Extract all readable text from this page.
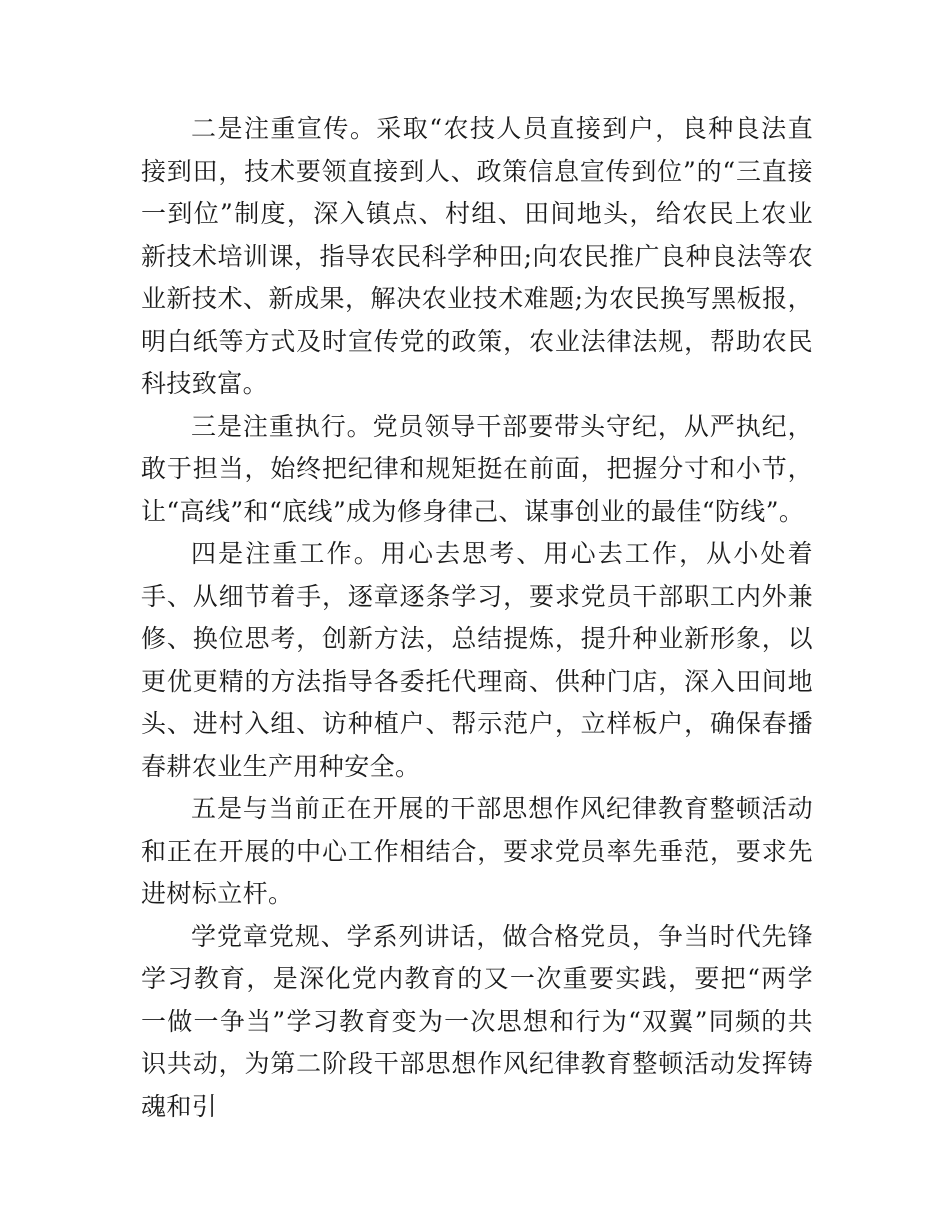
二是注重宣传。采取“农技人员直接到户，良种良法直接到田，技术要领直接到人、政策信息宣传到位”的“三直接一到位”制度，深入镇点、村组、田间地头，给农民上农业新技术培训课，指导农民科学种田;向农民推广良种良法等农业新技术、新成果，解决农业技术难题;为农民换写黑板报，明白纸等方式及时宣传党的政策，农业法律法规，帮助农民科技致富。

三是注重执行。党员领导干部要带头守纪，从严执纪，敢于担当，始终把纪律和规矩挺在前面，把握分寸和小节，让“高线”和“底线”成为修身律己、谋事创业的最佳“防线”。

四是注重工作。用心去思考、用心去工作，从小处着手、从细节着手，逐章逐条学习，要求党员干部职工内外兼修、换位思考，创新方法，总结提炼，提升种业新形象，以更优更精的方法指导各委托代理商、供种门店，深入田间地头、进村入组、访种植户、帮示范户，立样板户，确保春播春耕农业生产用种安全。

五是与当前正在开展的干部思想作风纪律教育整顿活动和正在开展的中心工作相结合，要求党员率先垂范，要求先进树标立杆。

学党章党规、学系列讲话，做合格党员，争当时代先锋学习教育，是深化党内教育的又一次重要实践，要把“两学一做一争当”学习教育变为一次思想和行为“双翼”同频的共识共动，为第二阶段干部思想作风纪律教育整顿活动发挥铸魂和引
